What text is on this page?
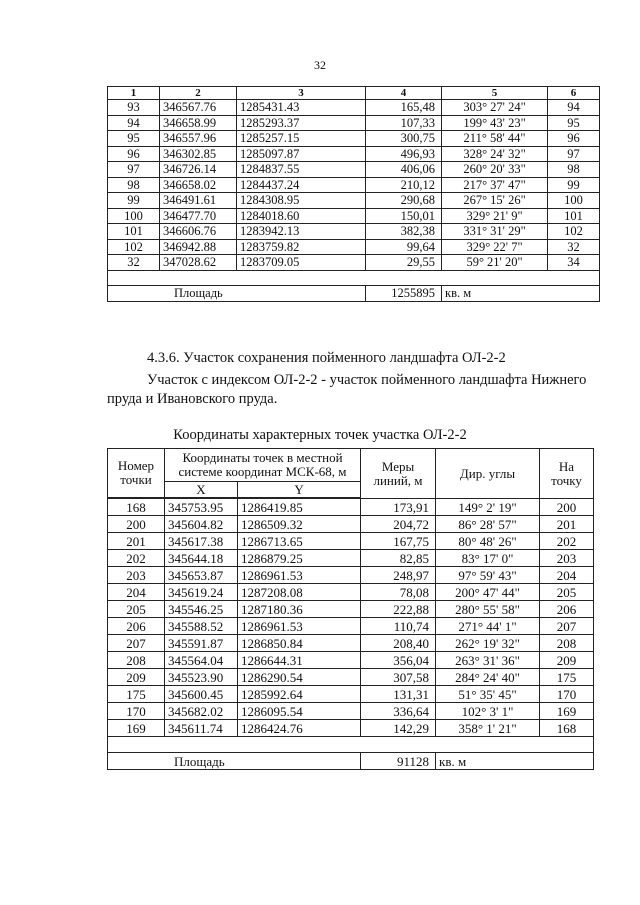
32
1	2	3	4	5	6
93	346567.76	1285431.43	165,48	303° 27' 24"	94
94	346658.99	1285293.37	107,33	199° 43' 23"	95
95	346557.96	1285257.15	300,75	211° 58' 44"	96
96	346302.85	1285097.87	496,93	328° 24' 32"	97
97	346726.14	1284837.55	406,06	260° 20' 33"	98
98	346658.02	1284437.24	210,12	217° 37' 47"	99
99	346491.61	1284308.95	290,68	267° 15' 26"	100
100	346477.70	1284018.60	150,01	329° 21' 9"	101
101	346606.76	1283942.13	382,38	331° 31' 29"	102
102	346942.88	1283759.82	99,64	329° 22' 7"	32
32	347028.62	1283709.05	29,55	59° 21' 20"	34

Площадь			1255895	кв. м	
4.3.6. Участок сохранения пойменного ландшафта ОЛ-2-2
Участок с индексом ОЛ-2-2 - участок пойменного ландшафта Нижнего пруда и Ивановского пруда.
Координаты характерных точек участка ОЛ-2-2
Номер точки	Координаты точек в местной системе координат МСК-68, м		Меры линий, м	Дир. углы	На точку
	X	Y			

168	345753.95	1286419.85	173,91	149° 2' 19"	200
200	345604.82	1286509.32	204,72	86° 28' 57"	201
201	345617.38	1286713.65	167,75	80° 48' 26"	202
202	345644.18	1286879.25	82,85	83° 17' 0"	203
203	345653.87	1286961.53	248,97	97° 59' 43"	204
204	345619.24	1287208.08	78,08	200° 47' 44"	205
205	345546.25	1287180.36	222,88	280° 55' 58"	206
206	345588.52	1286961.53	110,74	271° 44' 1"	207
207	345591.87	1286850.84	208,40	262° 19' 32"	208
208	345564.04	1286644.31	356,04	263° 31' 36"	209
209	345523.90	1286290.54	307,58	284° 24' 40"	175
175	345600.45	1285992.64	131,31	51° 35' 45"	170
170	345682.02	1286095.54	336,64	102° 3' 1"	169
169	345611.74	1286424.76	142,29	358° 1' 21"	168

Площадь			91128	кв. м	
